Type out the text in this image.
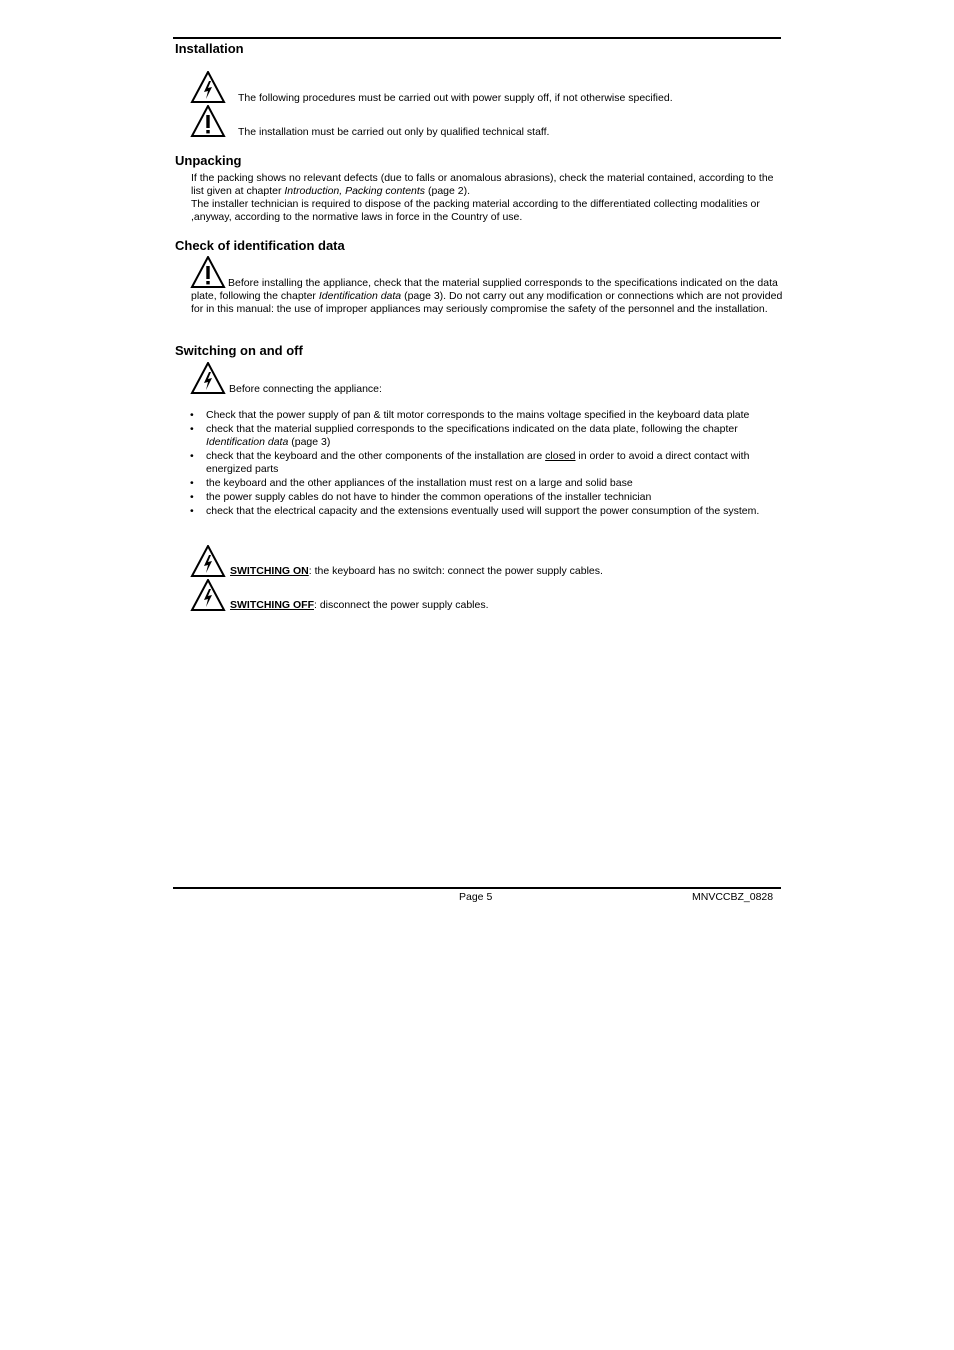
Installation
The following procedures must be carried out with power supply off, if not otherwise specified.
The installation must be carried out only by qualified technical staff.
Unpacking
If the packing shows no relevant defects (due to falls or anomalous abrasions), check the material contained, according to the list given at chapter Introduction, Packing contents (page 2).
The installer technician is required to dispose of the packing material according to the differentiated collecting modalities or ,anyway, according to the normative laws in force in the Country of use.
Check of identification data
Before installing the appliance, check that the material supplied corresponds to the specifications indicated on the data plate, following the chapter Identification data (page 3). Do not carry out any modification or connections which are not provided for in this manual: the use of improper appliances may seriously compromise the safety of the personnel and the installation.
Switching on and off
Before connecting the appliance:
• Check that the power supply of pan & tilt motor corresponds to the mains voltage specified in the keyboard data plate
• check that the material supplied corresponds to the specifications indicated on the data plate, following the chapter Identification data (page 3)
• check that the keyboard and the other components of the installation are closed in order to avoid a direct contact with energized parts
• the keyboard and the other appliances of the installation must rest on a large and solid base
• the power supply cables do not have to hinder the common operations of the installer technician
• check that the electrical capacity and the extensions eventually used will support the power consumption of the system.
SWITCHING ON: the keyboard has no switch: connect the power supply cables.
SWITCHING OFF: disconnect the power supply cables.
Page 5	MNVCCBZ_0828
